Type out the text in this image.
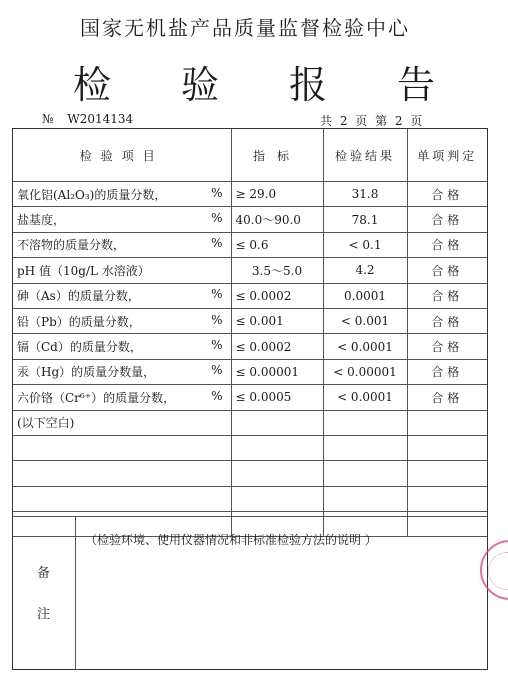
国家无机盐产品质量监督检验中心
检验报告
№ W2014134	共 2 页 第 2 页
检验项目	指标	检验结果	单项判定
氧化铝(Al₂O₃)的质量分数， %	≥ 29.0	31.8	合格
盐基度， %	40.0～90.0	78.1	合格
不溶物的质量分数， %	≤ 0.6	< 0.1	合格
pH 值（10g/L 水溶液）	3.5～5.0	4.2	合格
砷（As）的质量分数， %	≤ 0.0002	0.0001	合格
铅（Pb）的质量分数， %	≤ 0.001	< 0.001	合格
镉（Cd）的质量分数， %	≤ 0.0002	< 0.0001	合格
汞（Hg）的质量分数量， %	≤ 0.00001	< 0.00001	合格
六价铬（Cr⁶⁺）的质量分数， %	≤ 0.0005	< 0.0001	合格
(以下空白)

备
注
（检验环境、使用仪器情况和非标准检验方法的说明 ）
